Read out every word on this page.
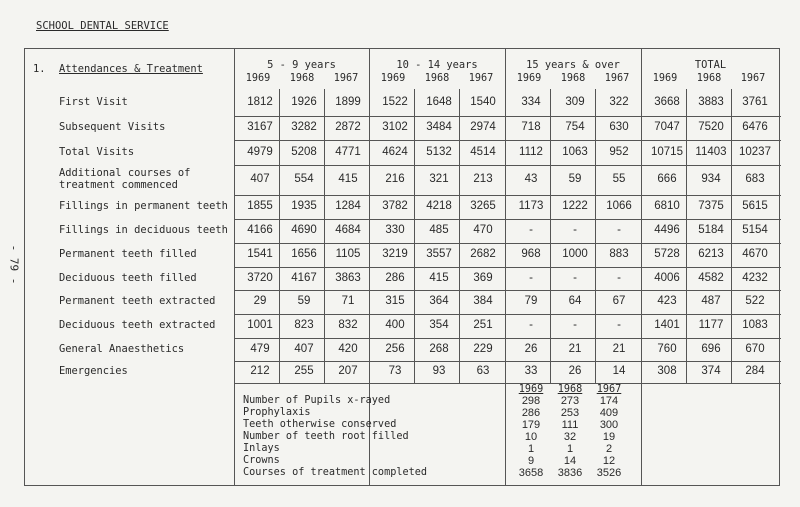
SCHOOL DENTAL SERVICE
- 79 -
1. Attendances & Treatment	5 - 9 years
1969	1968	1967
10 - 14 years
1969	1968	1967
15 years & over
1969	1968	1967
TOTAL
1969	1968	1967
First Visit	1812	1926	1899	1522	1648	1540	334	309	322	3668	3883	3761
Subsequent Visits	3167	3282	2872	3102	3484	2974	718	754	630	7047	7520	6476
Total Visits	4979	5208	4771	4624	5132	4514	1112	1063	952	10715 11403 10237
Additional courses of
treatment commenced	407	554	415	216	321	213	43	59	55	666	934	683
Fillings in permanent teeth	1855	1935	1284	3782	4218	3265	1173	1222	1066	6810	7375	5615
Fillings in deciduous teeth	4166	4690	4684	330	485	470	-	-	-	4496	5184	5154
Permanent teeth filled	1541	1656	1105	3219	3557	2682	968	1000	883	5728	6213	4670
Deciduous teeth filled	3720	4167	3863	286	415	369	-	-	-	4006	4582	4232
Permanent teeth extracted	29	59	71	315	364	384	79	64	67	423	487	522
Deciduous teeth extracted	1001	823	832	400	354	251	-	-	-	1401	1177	1083
General Anaesthetics	479	407	420	256	268	229	26	21	21	760	696	670
Emergencies	212	255	207	73	93	63	33	26	14	308	374	284
1969	1968	1967
Number of Pupils x-rayed	298	273	174
Prophylaxis	286	253	409
Teeth otherwise conserved	179	111	300
Number of teeth root filled	10	32	19
Inlays	1	1	2
Crowns	9	14	12
Courses of treatment completed	3658	3836	3526
